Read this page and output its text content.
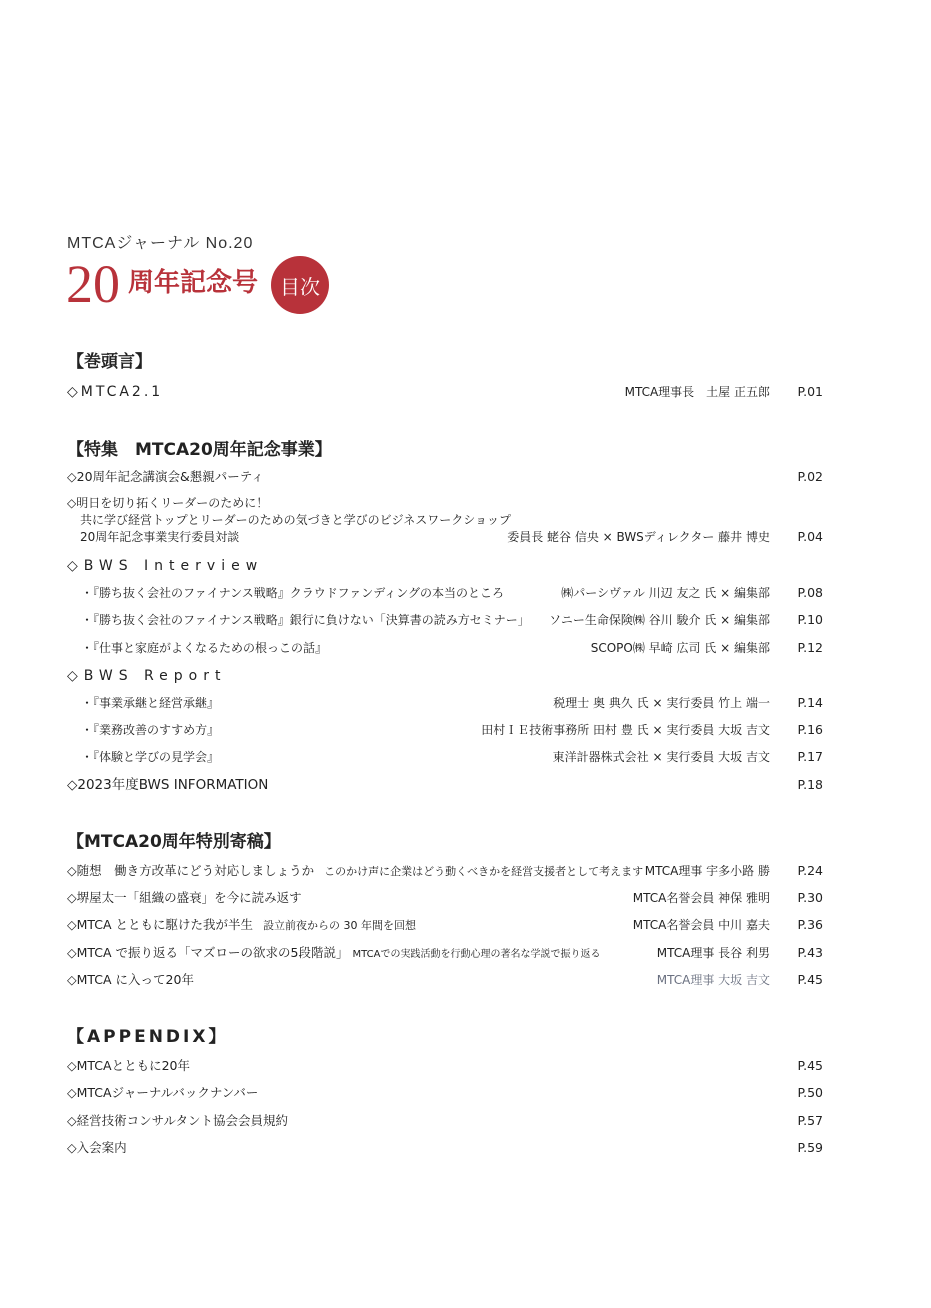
MTCAジャーナル No.20
20 周年記念号	目次
【巻頭言】
◇MTCA2.1	MTCA理事長　土屋 正五郎 P.01
【特集　MTCA20周年記念事業】
◇20周年記念講演会&懇親パーティ	P.02
◇明日を切り拓くリーダーのために！
共に学び経営トップとリーダーのための気づきと学びのビジネスワークショップ
20周年記念事業実行委員対談	委員長 蛯谷 信央 × BWSディレクター 藤井 博史 P.04
◇BWS Interview
・『勝ち抜く会社のファイナンス戦略』クラウドファンディングの本当のところ	㈱パーシヴァル 川辺 友之 氏 × 編集部 P.08
・『勝ち抜く会社のファイナンス戦略』銀行に負けない「決算書の読み方セミナー」 ソニー生命保険㈱ 谷川 駿介 氏 × 編集部 P.10
・『仕事と家庭がよくなるための根っこの話』	SCOPO㈱ 早崎 広司 氏 × 編集部 P.12
◇BWS Report
・『事業承継と経営承継』	税理士 奥 典久 氏 × 実行委員 竹上 端一 P.14
・『業務改善のすすめ方』	田村ＩＥ技術事務所 田村 豊 氏 × 実行委員 大坂 吉文 P.16
・『体験と学びの見学会』	東洋計器株式会社 × 実行委員 大坂 吉文 P.17
◇2023年度BWS INFORMATION	P.18
【MTCA20周年特別寄稿】
◇随想　働き方改革にどう対応しましょうか このかけ声に企業はどう動くべきかを経営支援者として考えます MTCA理事 宇多小路 勝 P.24
◇堺屋太一「組織の盛衰」を今に読み返す	MTCA名誉会員 神保 雅明 P.30
◇MTCA とともに駆けた我が半生 設立前夜からの 30 年間を回想	MTCA名誉会員 中川 嘉夫 P.36
◇MTCA で振り返る「マズローの欲求の5段階説」 MTCAでの実践活動を行動心理の著名な学説で振り返る	MTCA理事 長谷 利男 P.43
◇MTCA に入って20年	MTCA理事 大坂 吉文 P.45
【APPENDIX】
◇MTCAとともに20年	P.45
◇MTCAジャーナルバックナンバー	P.50
◇経営技術コンサルタント協会会員規約	P.57
◇入会案内	P.59
